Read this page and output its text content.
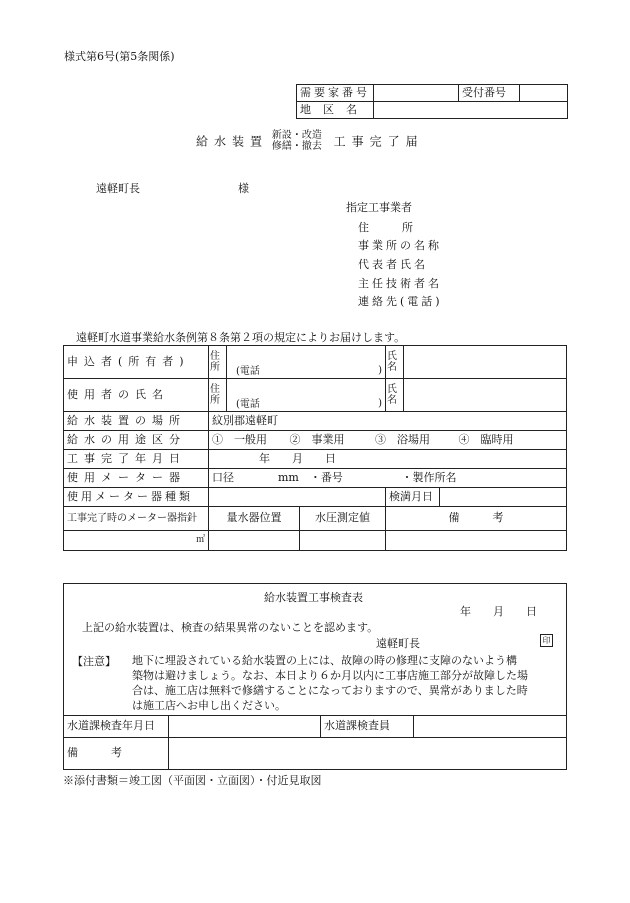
様式第6号(第5条関係)
需要家番号		受付番号	
地区名			
給水装置 新設・改造
修繕・撤去 工事完了届
遠軽町長	様
指定工事業者
住　　　所
事業所の名称
代表者氏名
主任技術者名
連絡先(電話)
遠軽町水道事業給水条例第８条第２項の規定によりお届けします。
申込者(所有者)	住所	(電話 )		氏名		
使用者の氏名	住所	(電話 )		氏名		
給水装置の場所	紋別郡遠軽町					
給水の用途区分	①　一般用 ②　事業用 ③　浴場用 ④　臨時用					
工事完了年月日	年　　月　　日					
使用メーター器	口径　　　　mm　・番号 ・製作所名					
使用メーター器種類				検満月日		
工事完了時のメーター器指針	量水器位置		水圧測定値	備　　　考		
㎥						
給水装置工事検査表
年　　月　　日
上記の給水装置は、検査の結果異常のないことを認めます。
遠軽町長	印
【注意】 地下に埋設されている給水装置の上には、故障の時の修理に支障のないよう構
築物は避けましょう。なお、本日より６か月以内に工事店施工部分が故障した場
合は、施工店は無料で修繕することになっておりますので、異常がありました時
は施工店へお申し出ください。
水道課検査年月日		水道課検査員	
備　　　考			
※添付書類＝竣工図（平面図・立面図）・付近見取図
